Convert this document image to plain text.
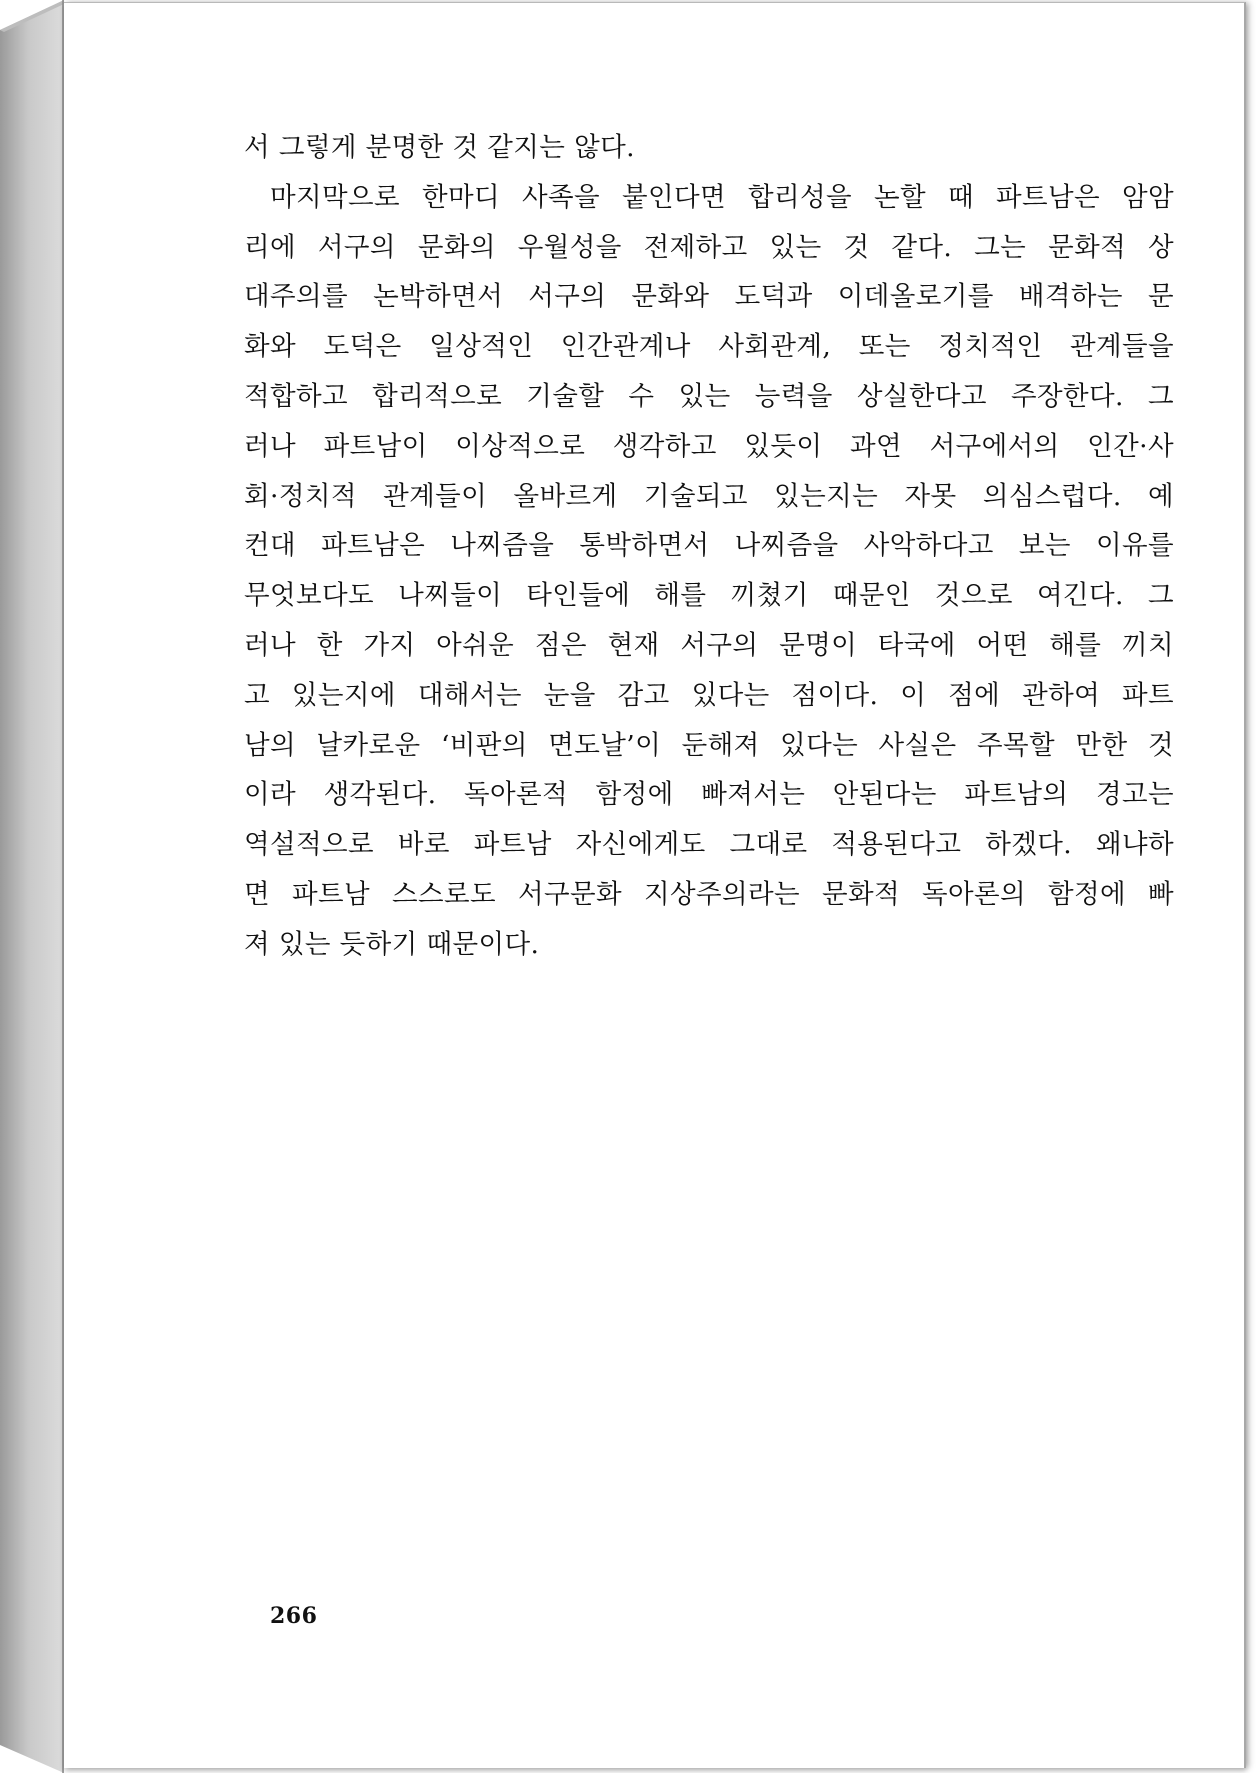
서 그렇게 분명한 것 같지는 않다.
마지막으로 한마디 사족을 붙인다면 합리성을 논할 때 파트남은 암암
리에 서구의 문화의 우월성을 전제하고 있는 것 같다. 그는 문화적 상
대주의를 논박하면서 서구의 문화와 도덕과 이데올로기를 배격하는 문
화와 도덕은 일상적인 인간관계나 사회관계, 또는 정치적인 관계들을
적합하고 합리적으로 기술할 수 있는 능력을 상실한다고 주장한다. 그
러나 파트남이 이상적으로 생각하고 있듯이 과연 서구에서의 인간·사
회·정치적 관계들이 올바르게 기술되고 있는지는 자못 의심스럽다. 예
컨대 파트남은 나찌즘을 통박하면서 나찌즘을 사악하다고 보는 이유를
무엇보다도 나찌들이 타인들에 해를 끼쳤기 때문인 것으로 여긴다. 그
러나 한 가지 아쉬운 점은 현재 서구의 문명이 타국에 어떤 해를 끼치
고 있는지에 대해서는 눈을 감고 있다는 점이다. 이 점에 관하여 파트
남의 날카로운 ‘비판의 면도날’이 둔해져 있다는 사실은 주목할 만한 것
이라 생각된다. 독아론적 함정에 빠져서는 안된다는 파트남의 경고는
역설적으로 바로 파트남 자신에게도 그대로 적용된다고 하겠다. 왜냐하
면 파트남 스스로도 서구문화 지상주의라는 문화적 독아론의 함정에 빠
져 있는 듯하기 때문이다.
266
